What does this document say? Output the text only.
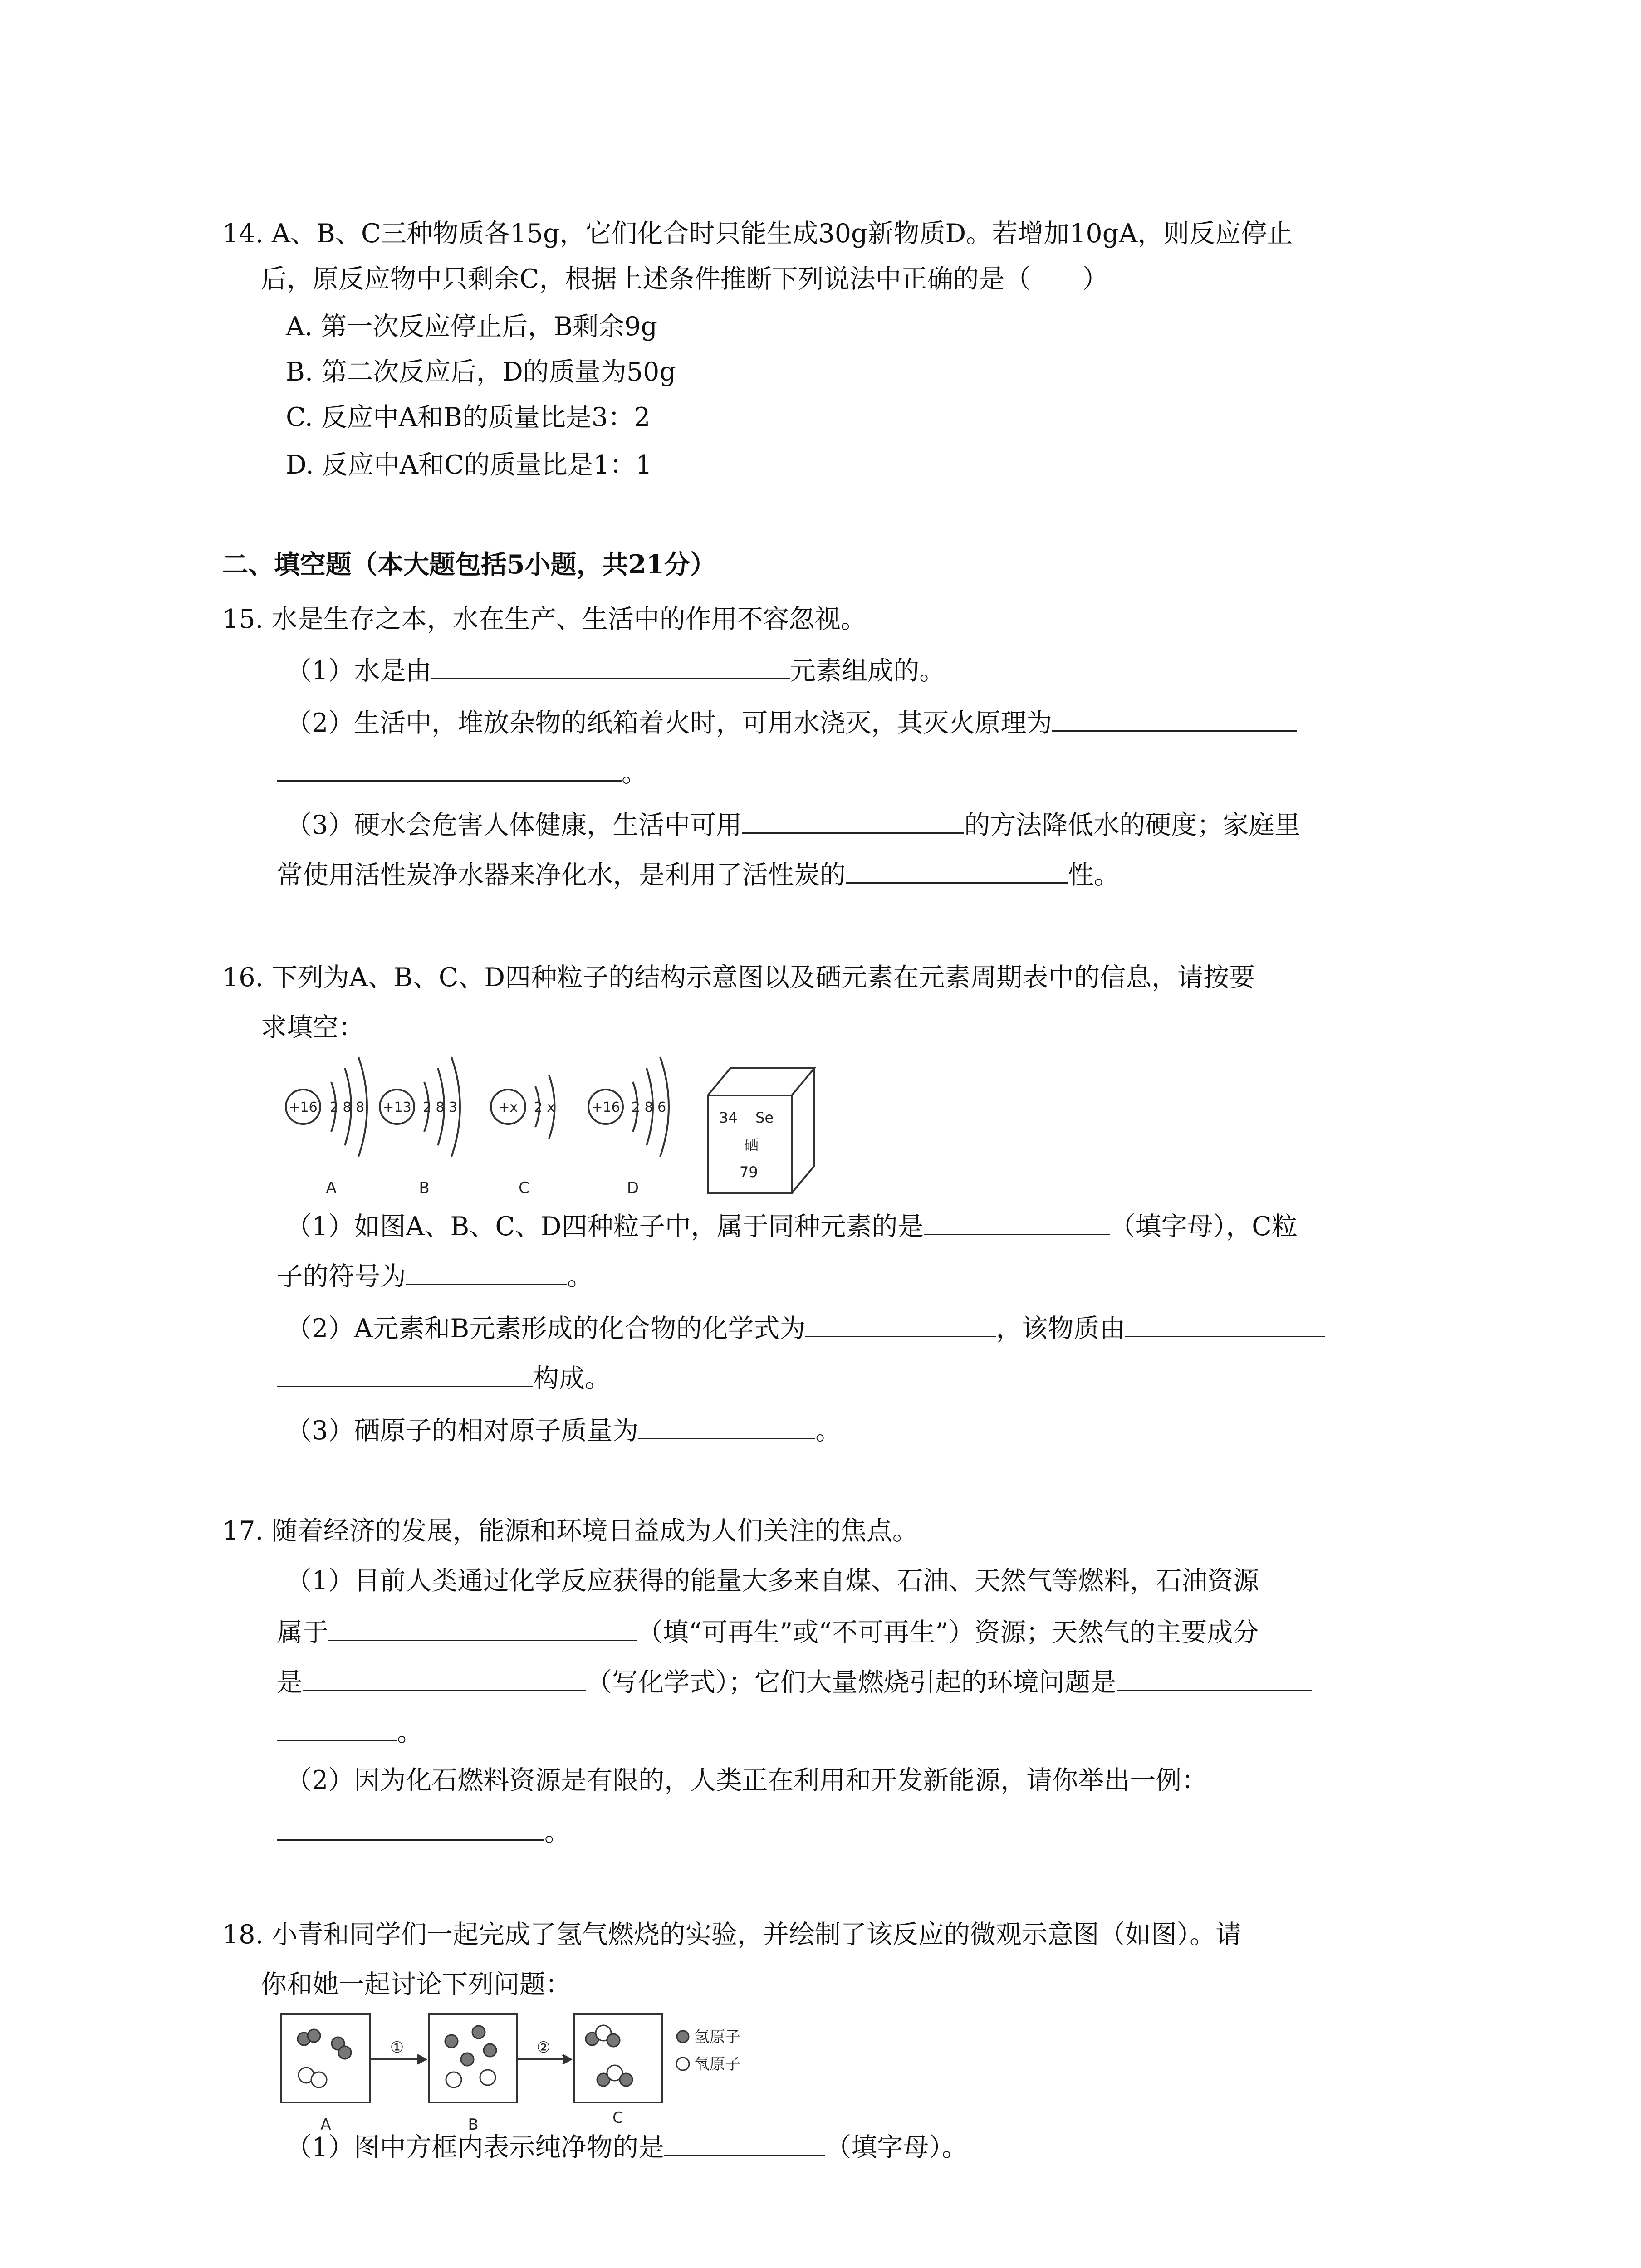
14. A、B、C三种物质各15g，它们化合时只能生成30g新物质D。若增加10gA，则反应停止
后，原反应物中只剩余C，根据上述条件推断下列说法中正确的是（　　）
A. 第一次反应停止后，B剩余9g
B. 第二次反应后，D的质量为50g
C. 反应中A和B的质量比是3：2
D. 反应中A和C的质量比是1：1
二、填空题（本大题包括5小题，共21分）
15. 水是生存之本，水在生产、生活中的作用不容忽视。
（1）水是由	元素组成的。
（2）生活中，堆放杂物的纸箱着火时，可用水浇灭，其灭火原理为
。
（3）硬水会危害人体健康，生活中可用	的方法降低水的硬度；家庭里
常使用活性炭净水器来净化水，是利用了活性炭的	性。
16. 下列为A、B、C、D四种粒子的结构示意图以及硒元素在元素周期表中的信息，请按要
求填空：
+16 2 8 8 +13 2 8 3	+x 2 x	+16 2 8 6
A	B	C	D
34 Se
硒
79
（1）如图A、B、C、D四种粒子中，属于同种元素的是	（填字母），C粒
子的符号为	。
（2）A元素和B元素形成的化合物的化学式为	，该物质由
构成。
（3）硒原子的相对原子质量为	。
17. 随着经济的发展，能源和环境日益成为人们关注的焦点。
（1）目前人类通过化学反应获得的能量大多来自煤、石油、天然气等燃料，石油资源
属于	（填“可再生”或“不可再生”）资源；天然气的主要成分
是	（写化学式）；它们大量燃烧引起的环境问题是
。
（2）因为化石燃料资源是有限的，人类正在利用和开发新能源，请你举出一例：
。
18. 小青和同学们一起完成了氢气燃烧的实验，并绘制了该反应的微观示意图（如图）。请
你和她一起讨论下列问题：
①	②
A	B	C
氢原子
氧原子
（1）图中方框内表示纯净物的是	（填字母）。
